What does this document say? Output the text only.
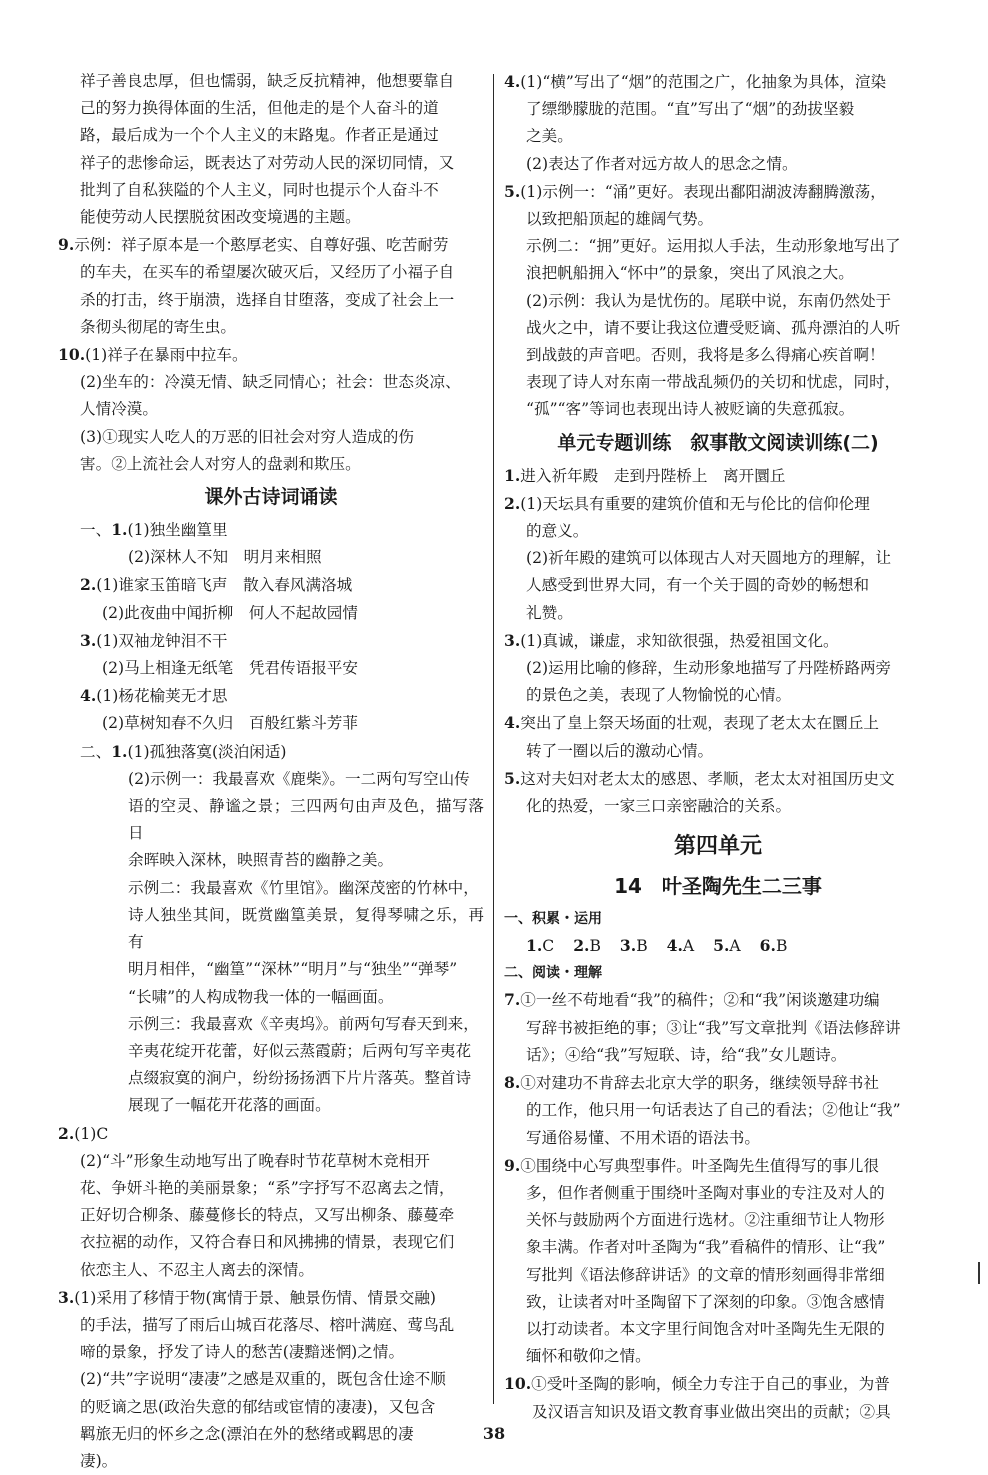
祥子善良忠厚，但也懦弱，缺乏反抗精神，他想要靠自
己的努力换得体面的生活，但他走的是个人奋斗的道
路，最后成为一个个人主义的末路鬼。作者正是通过
祥子的悲惨命运，既表达了对劳动人民的深切同情，又
批判了自私狭隘的个人主义，同时也提示个人奋斗不
能使劳动人民摆脱贫困改变境遇的主题。
9.示例：祥子原本是一个憨厚老实、自尊好强、吃苦耐劳
的车夫，在买车的希望屡次破灭后，又经历了小福子自
杀的打击，终于崩溃，选择自甘堕落，变成了社会上一
条彻头彻尾的寄生虫。
10.(1)祥子在暴雨中拉车。
(2)坐车的：冷漠无情、缺乏同情心；社会：世态炎凉、
人情冷漠。
(3)①现实人吃人的万恶的旧社会对穷人造成的伤
害。②上流社会人对穷人的盘剥和欺压。
课外古诗词诵读
一、1.(1)独坐幽篁里
(2)深林人不知　明月来相照
2.(1)谁家玉笛暗飞声　散入春风满洛城
(2)此夜曲中闻折柳　何人不起故园情
3.(1)双袖龙钟泪不干
(2)马上相逢无纸笔　凭君传语报平安
4.(1)杨花榆荚无才思
(2)草树知春不久归　百般红紫斗芳菲
二、1.(1)孤独落寞(淡泊闲适)
(2)示例一：我最喜欢《鹿柴》。一二两句写空山传
语的空灵、静谧之景；三四两句由声及色，描写落日
余晖映入深林，映照青苔的幽静之美。
示例二：我最喜欢《竹里馆》。幽深茂密的竹林中，
诗人独坐其间，既赏幽篁美景，复得琴啸之乐，再有
明月相伴，“幽篁”“深林”“明月”与“独坐”“弹琴”
“长啸”的人构成物我一体的一幅画面。
示例三：我最喜欢《辛夷坞》。前两句写春天到来，
辛夷花绽开花蕾，好似云蒸霞蔚；后两句写辛夷花
点缀寂寞的涧户，纷纷扬扬洒下片片落英。整首诗
展现了一幅花开花落的画面。
2.(1)C
(2)“斗”形象生动地写出了晚春时节花草树木竞相开
花、争妍斗艳的美丽景象；“系”字抒写不忍离去之情，
正好切合柳条、藤蔓修长的特点，又写出柳条、藤蔓牵
衣拉裾的动作，又符合春日和风拂拂的情景，表现它们
依恋主人、不忍主人离去的深情。
3.(1)采用了移情于物(寓情于景、触景伤情、情景交融)
的手法，描写了雨后山城百花落尽、榕叶满庭、莺鸟乱
啼的景象，抒发了诗人的愁苦(凄黯迷惘)之情。
(2)“共”字说明“凄凄”之感是双重的，既包含仕途不顺
的贬谪之思(政治失意的郁结或宦情的凄凄)，又包含
羁旅无归的怀乡之念(漂泊在外的愁绪或羁思的凄
凄)。
4.(1)“横”写出了“烟”的范围之广，化抽象为具体，渲染
了缥缈朦胧的范围。“直”写出了“烟”的劲拔坚毅
之美。
(2)表达了作者对远方故人的思念之情。
5.(1)示例一：“涌”更好。表现出鄱阳湖波涛翻腾激荡，
以致把船顶起的雄阔气势。
示例二：“拥”更好。运用拟人手法，生动形象地写出了
浪把帆船拥入“怀中”的景象，突出了风浪之大。
(2)示例：我认为是忧伤的。尾联中说，东南仍然处于
战火之中，请不要让我这位遭受贬谪、孤舟漂泊的人听
到战鼓的声音吧。否则，我将是多么得痛心疾首啊！
表现了诗人对东南一带战乱频仍的关切和忧虑，同时，
“孤”“客”等词也表现出诗人被贬谪的失意孤寂。
单元专题训练　叙事散文阅读训练(二)
1.进入祈年殿　走到丹陛桥上　离开圜丘
2.(1)天坛具有重要的建筑价值和无与伦比的信仰伦理
的意义。
(2)祈年殿的建筑可以体现古人对天圆地方的理解，让
人感受到世界大同，有一个关于圆的奇妙的畅想和
礼赞。
3.(1)真诚，谦虚，求知欲很强，热爱祖国文化。
(2)运用比喻的修辞，生动形象地描写了丹陛桥路两旁
的景色之美，表现了人物愉悦的心情。
4.突出了皇上祭天场面的壮观，表现了老太太在圜丘上
转了一圈以后的激动心情。
5.这对夫妇对老太太的感恩、孝顺，老太太对祖国历史文
化的热爱，一家三口亲密融洽的关系。
第四单元
14　叶圣陶先生二三事
一、积累・运用
1.C 2.B 3.B 4.A 5.A 6.B
二、阅读・理解
7.①一丝不苟地看“我”的稿件；②和“我”闲谈邀建功编
写辞书被拒绝的事；③让“我”写文章批判《语法修辞讲
话》；④给“我”写短联、诗，给“我”女儿题诗。
8.①对建功不肯辞去北京大学的职务，继续领导辞书社
的工作，他只用一句话表达了自己的看法；②他让“我”
写通俗易懂、不用术语的语法书。
9.①围绕中心写典型事件。叶圣陶先生值得写的事儿很
多，但作者侧重于围绕叶圣陶对事业的专注及对人的
关怀与鼓励两个方面进行选材。②注重细节让人物形
象丰满。作者对叶圣陶为“我”看稿件的情形、让“我”
写批判《语法修辞讲话》的文章的情形刻画得非常细
致，让读者对叶圣陶留下了深刻的印象。③饱含感情
以打动读者。本文字里行间饱含对叶圣陶先生无限的
缅怀和敬仰之情。
10.①受叶圣陶的影响，倾全力专注于自己的事业，为普
及汉语言知识及语文教育事业做出突出的贡献；②具
38
